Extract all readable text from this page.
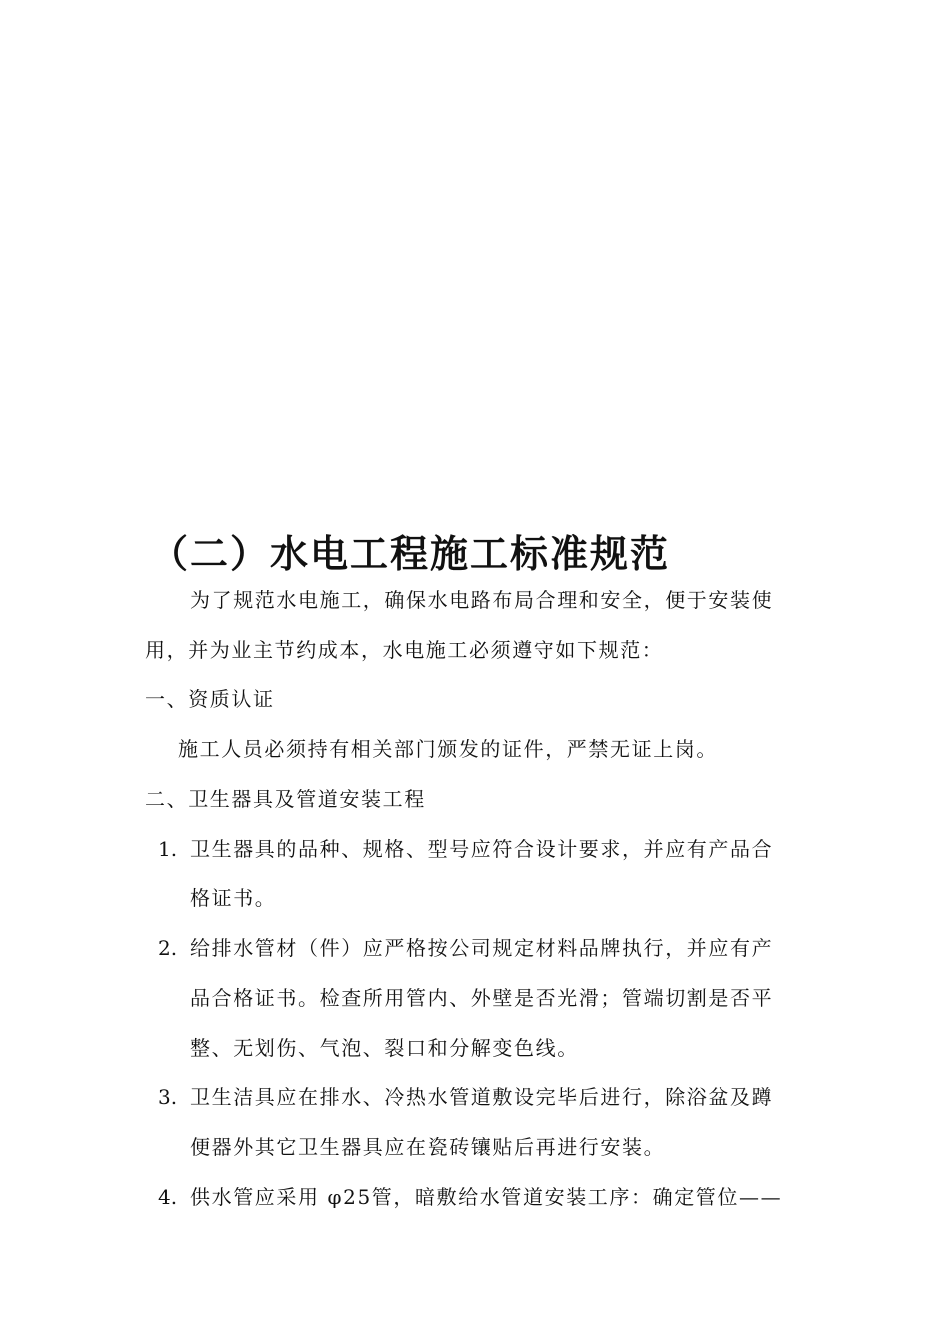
（二）水电工程施工标准规范
为了规范水电施工，确保水电路布局合理和安全，便于安装使
用，并为业主节约成本，水电施工必须遵守如下规范：
一、资质认证
施工人员必须持有相关部门颁发的证件，严禁无证上岗。
二、卫生器具及管道安装工程
1. 卫生器具的品种、规格、型号应符合设计要求，并应有产品合
格证书。
2. 给排水管材（件）应严格按公司规定材料品牌执行，并应有产
品合格证书。检查所用管内、外壁是否光滑；管端切割是否平
整、无划伤、气泡、裂口和分解变色线。
3. 卫生洁具应在排水、冷热水管道敷设完毕后进行，除浴盆及蹲
便器外其它卫生器具应在瓷砖镶贴后再进行安装。
4. 供水管应采用 φ25管，暗敷给水管道安装工序：确定管位——
